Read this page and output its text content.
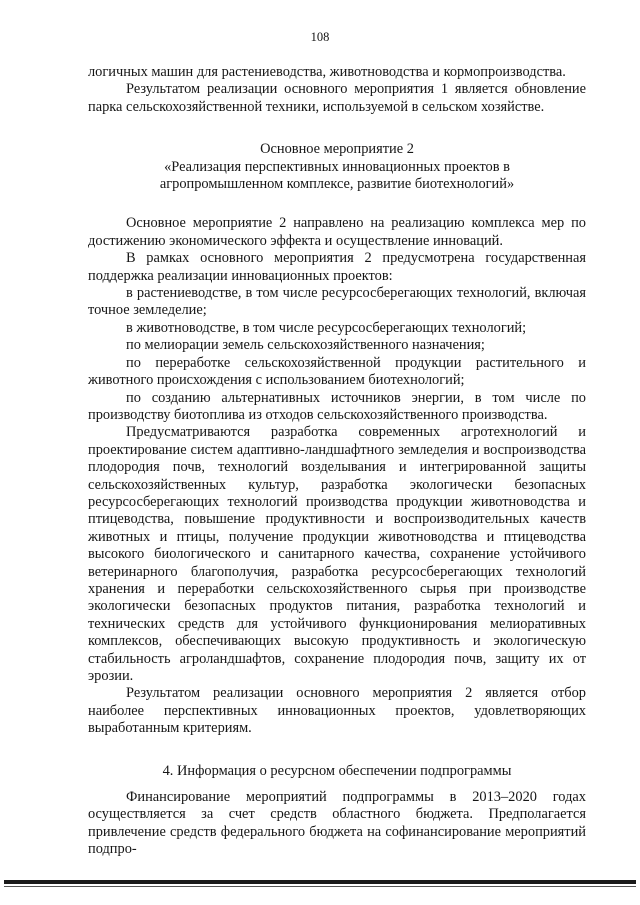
108

логичных машин для растениеводства, животноводства и кормопроизводства.

Результатом реализации основного мероприятия 1 является обновление парка сельскохозяйственной техники, используемой в сельском хозяйстве.

Основное мероприятие 2

«Реализация перспективных инновационных проектов в

агропромышленном комплексе, развитие биотехнологий»

Основное мероприятие 2 направлено на реализацию комплекса мер по достижению экономического эффекта и осуществление инноваций.

В рамках основного мероприятия 2 предусмотрена государственная поддержка реализации инновационных проектов:

в растениеводстве, в том числе ресурсосберегающих технологий, включая точное земледелие;

в животноводстве, в том числе ресурсосберегающих технологий;

по мелиорации земель сельскохозяйственного назначения;

по переработке сельскохозяйственной продукции растительного и животного происхождения с использованием биотехнологий;

по созданию альтернативных источников энергии, в том числе по производству биотоплива из отходов сельскохозяйственного производства.

Предусматриваются разработка современных агротехнологий и проектирование систем адаптивно-ландшафтного земледелия и воспроизводства плодородия почв, технологий возделывания и интегрированной защиты сельскохозяйственных культур, разработка экологически безопасных ресурсосберегающих технологий производства продукции животноводства и птицеводства, повышение продуктивности и воспроизводительных качеств животных и птицы, получение продукции животноводства и птицеводства высокого биологического и санитарного качества, сохранение устойчивого ветеринарного благополучия, разработка ресурсосберегающих технологий хранения и переработки сельскохозяйственного сырья при производстве экологически безопасных продуктов питания, разработка технологий и технических средств для устойчивого функционирования мелиоративных комплексов, обеспечивающих высокую продуктивность и экологическую стабильность агроландшафтов, сохранение плодородия почв, защиту их от эрозии.

Результатом реализации основного мероприятия 2 является отбор наиболее перспективных инновационных проектов, удовлетворяющих выработанным критериям.

4. Информация о ресурсном обеспечении подпрограммы

Финансирование мероприятий подпрограммы в 2013–2020 годах осуществляется за счет средств областного бюджета. Предполагается привлечение средств федерального бюджета на софинансирование мероприятий подпро-
